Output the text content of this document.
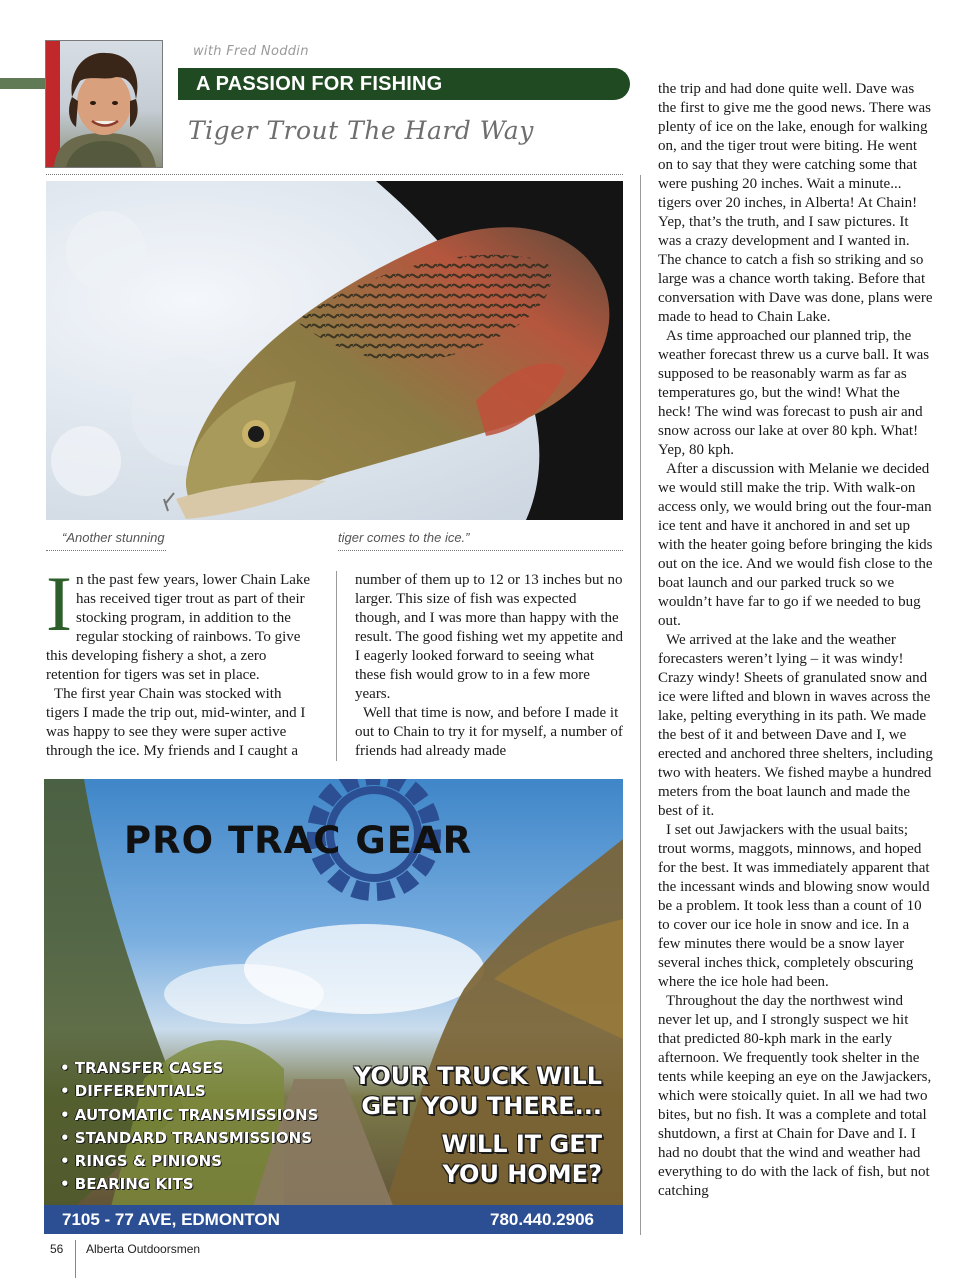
with Fred Noddin
A PASSION FOR FISHING
Tiger Trout The Hard Way
“Another stunning	tiger comes to the ice.”
I n the past few years, lower Chain Lake has received tiger trout as part of their stocking program, in addition to the regular stocking of rainbows. To give this developing fishery a shot, a zero retention for tigers was set in place.

The first year Chain was stocked with tigers I made the trip out, mid-winter, and I was happy to see they were super active through the ice. My friends and I caught a

number of them up to 12 or 13 inches but no larger. This size of fish was expected though, and I was more than happy with the result. The good fishing wet my appetite and I eagerly looked forward to seeing what these fish would grow to in a few more years.

Well that time is now, and before I made it out to Chain to try it for myself, a number of friends had already made

the trip and had done quite well. Dave was the first to give me the good news. There was plenty of ice on the lake, enough for walking on, and the tiger trout were biting. He went on to say that they were catching some that were pushing 20 inches. Wait a minute... tigers over 20 inches, in Alberta! At Chain! Yep, that’s the truth, and I saw pictures. It was a crazy development and I wanted in. The chance to catch a fish so striking and so large was a chance worth taking. Before that conversation with Dave was done, plans were made to head to Chain Lake.

As time approached our planned trip, the weather forecast threw us a curve ball. It was supposed to be reasonably warm as far as temperatures go, but the wind! What the heck! The wind was forecast to push air and snow across our lake at over 80 kph. What! Yep, 80 kph.

After a discussion with Melanie we decided we would still make the trip. With walk-on access only, we would bring out the four-man ice tent and have it anchored in and set up with the heater going before bringing the kids out on the ice. And we would fish close to the boat launch and our parked truck so we wouldn’t have far to go if we needed to bug out.

We arrived at the lake and the weather forecasters weren’t lying – it was windy! Crazy windy! Sheets of granulated snow and ice were lifted and blown in waves across the lake, pelting everything in its path. We made the best of it and between Dave and I, we erected and anchored three shelters, including two with heaters. We fished maybe a hundred meters from the boat launch and made the best of it.

I set out Jawjackers with the usual baits; trout worms, maggots, minnows, and hoped for the best. It was immediately apparent that the incessant winds and blowing snow would be a problem. It took less than a count of 10 to cover our ice hole in snow and ice. In a few minutes there would be a snow layer several inches thick, completely obscuring where the ice hole had been.

Throughout the day the northwest wind never let up, and I strongly suspect we hit that predicted 80-kph mark in the early afternoon. We frequently took shelter in the tents while keeping an eye on the Jawjackers, which were stoically quiet. In all we had two bites, but no fish. It was a complete and total shutdown, a first at Chain for Dave and I. I had no doubt that the wind and weather had everything to do with the lack of fish, but not catching

PRO TRAC GEAR
• TRANSFER CASES
• DIFFERENTIALS
• AUTOMATIC TRANSMISSIONS
• STANDARD TRANSMISSIONS
• RINGS & PINIONS
• BEARING KITS
YOUR TRUCK WILL
GET YOU THERE...
WILL IT GET
YOU HOME?
7105 - 77 AVE, EDMONTON	780.440.2906
56 Alberta Outdoorsmen
